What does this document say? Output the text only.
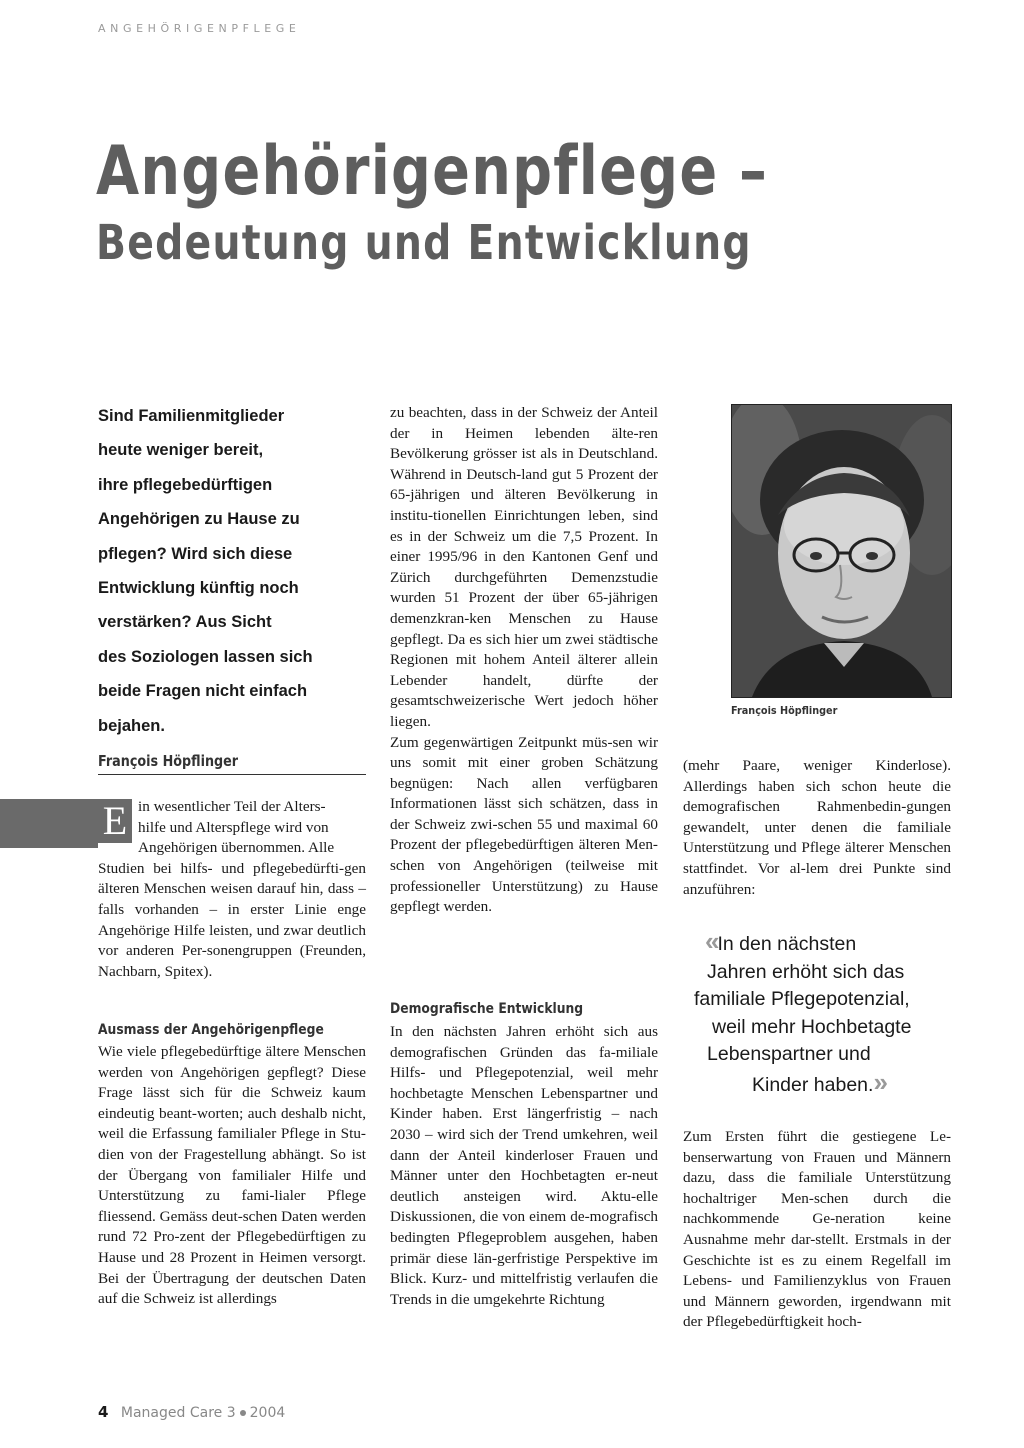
ANGEHÖRIGENPFLEGE
Angehörigenpflege –
Bedeutung und Entwicklung

Sind Familienmitglieder

heute weniger bereit,

ihre pflegebedürftigen

Angehörigen zu Hause zu

pflegen? Wird sich diese

Entwicklung künftig noch

verstärken? Aus Sicht

des Soziologen lassen sich

beide Fragen nicht einfach

bejahen.

François Höpflinger
E in wesentlicher Teil der Alters-

hilfe und Alterspflege wird von

Angehörigen übernommen. Alle

Studien bei hilfs- und pflegebedürfti-gen älteren Menschen weisen darauf hin, dass – falls vorhanden – in erster Linie enge Angehörige Hilfe leisten, und zwar deutlich vor anderen Per-sonengruppen (Freunden, Nachbarn, Spitex).

Ausmass der Angehörigenpflege

Wie viele pflegebedürftige ältere Menschen werden von Angehörigen gepflegt? Diese Frage lässt sich für die Schweiz kaum eindeutig beant-worten; auch deshalb nicht, weil die Erfassung familialer Pflege in Stu-dien von der Fragestellung abhängt. So ist der Übergang von familialer Hilfe und Unterstützung zu fami-lialer Pflege fliessend. Gemäss deut-schen Daten werden rund 72 Pro-zent der Pflegebedürftigen zu Hause und 28 Prozent in Heimen versorgt. Bei der Übertragung der deutschen Daten auf die Schweiz ist allerdings

zu beachten, dass in der Schweiz der Anteil der in Heimen lebenden älte-ren Bevölkerung grösser ist als in Deutschland. Während in Deutsch-land gut 5 Prozent der 65-jährigen und älteren Bevölkerung in institu-tionellen Einrichtungen leben, sind es in der Schweiz um die 7,5 Prozent. In einer 1995/96 in den Kantonen Genf und Zürich durchgeführten Demenzstudie wurden 51 Prozent der über 65-jährigen demenzkran-ken Menschen zu Hause gepflegt. Da es sich hier um zwei städtische Regionen mit hohem Anteil älterer allein Lebender handelt, dürfte der gesamtschweizerische Wert jedoch höher liegen.

Zum gegenwärtigen Zeitpunkt müs-sen wir uns somit mit einer groben Schätzung begnügen: Nach allen verfügbaren Informationen lässt sich schätzen, dass in der Schweiz zwi-schen 55 und maximal 60 Prozent der pflegebedürftigen älteren Men-schen von Angehörigen (teilweise mit professioneller Unterstützung) zu Hause gepflegt werden.

Demografische Entwicklung

In den nächsten Jahren erhöht sich aus demografischen Gründen das fa-miliale Hilfs- und Pflegepotenzial, weil mehr hochbetagte Menschen Lebenspartner und Kinder haben. Erst längerfristig – nach 2030 – wird sich der Trend umkehren, weil dann der Anteil kinderloser Frauen und Männer unter den Hochbetagten er-neut deutlich ansteigen wird. Aktu-elle Diskussionen, die von einem de-mografisch bedingten Pflegeproblem ausgehen, haben primär diese län-gerfristige Perspektive im Blick. Kurz- und mittelfristig verlaufen die Trends in die umgekehrte Richtung

François Höpflinger

(mehr Paare, weniger Kinderlose). Allerdings haben sich schon heute die demografischen Rahmenbedin-gungen gewandelt, unter denen die familiale Unterstützung und Pflege älterer Menschen stattfindet. Vor al-lem drei Punkte sind anzuführen:

«In den nächsten
Jahren erhöht sich das
familiale Pflegepotenzial,
weil mehr Hochbetagte
Lebenspartner und
Kinder haben.»

Zum Ersten führt die gestiegene Le-benserwartung von Frauen und Männern dazu, dass die familiale Unterstützung hochaltriger Men-schen durch die nachkommende Ge-neration keine Ausnahme mehr dar-stellt. Erstmals in der Geschichte ist es zu einem Regelfall im Lebens- und Familienzyklus von Frauen und Männern geworden, irgendwann mit der Pflegebedürftigkeit hoch-

4 Managed Care 3 2004
